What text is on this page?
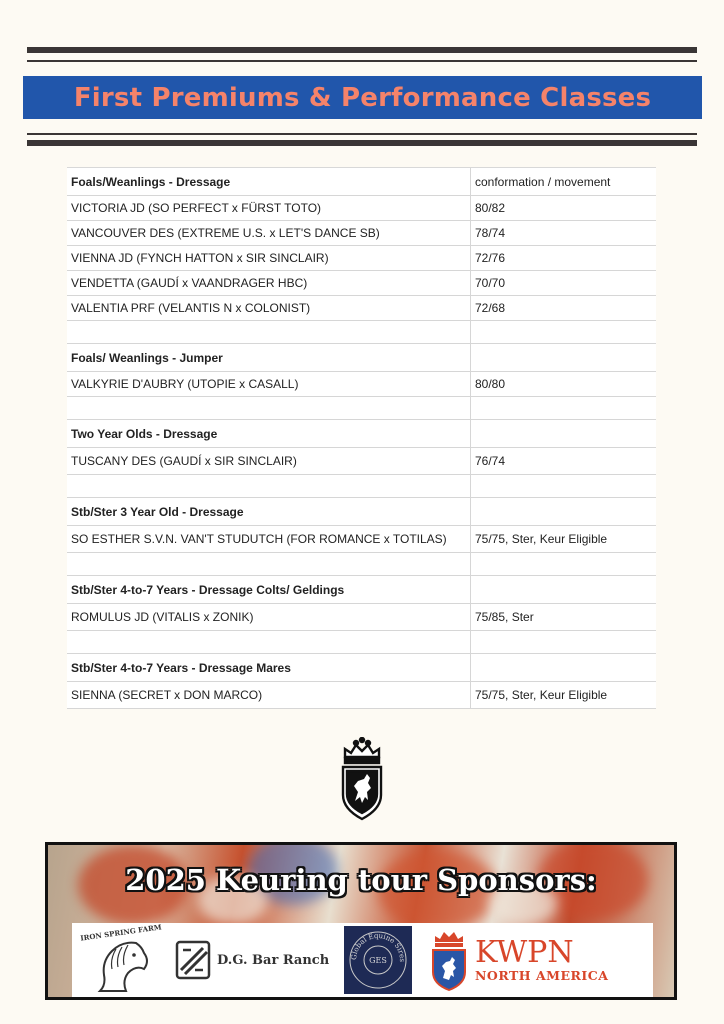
First Premiums & Performance Classes
Foals/Weanlings - Dressage	conformation / movement
VICTORIA JD (SO PERFECT x FÜRST TOTO)	80/82
VANCOUVER DES (EXTREME U.S. x LET'S DANCE SB)	78/74
VIENNA JD (FYNCH HATTON x SIR SINCLAIR)	72/76
VENDETTA (GAUDÍ x VAANDRAGER HBC)	70/70
VALENTIA PRF (VELANTIS N x COLONIST)	72/68
Foals/ Weanlings - Jumper
VALKYRIE D'AUBRY (UTOPIE x CASALL)	80/80
Two Year Olds - Dressage
TUSCANY DES (GAUDÍ x SIR SINCLAIR)	76/74
Stb/Ster 3 Year Old - Dressage
SO ESTHER S.V.N. VAN'T STUDUTCH (FOR ROMANCE x TOTILAS)	75/75, Ster, Keur Eligible
Stb/Ster 4-to-7 Years - Dressage Colts/ Geldings
ROMULUS JD (VITALIS x ZONIK)	75/85, Ster
Stb/Ster 4-to-7 Years - Dressage Mares
SIENNA (SECRET x DON MARCO)	75/75, Ster, Keur Eligible
2025 Keuring tour Sponsors:
IRON SPRING FARM
D.G. Bar Ranch	Global Equine Sires
GES	KWPN
NORTH AMERICA
